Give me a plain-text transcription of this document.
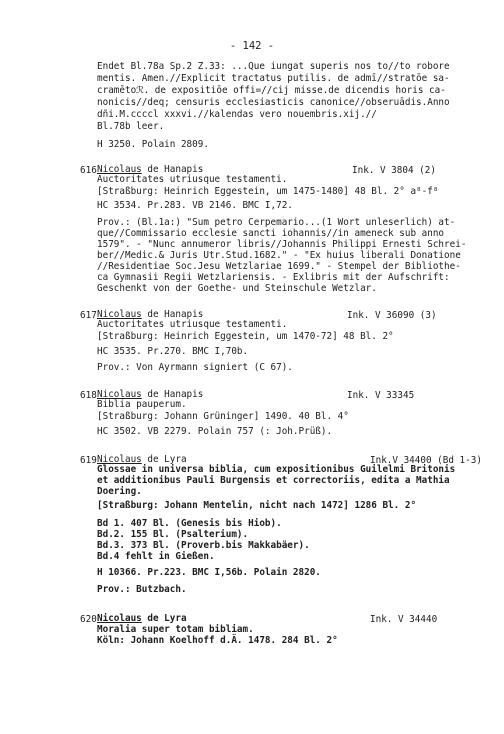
- 142 -
Endet Bl.78a Sp.2 Z.33: ...Que iungat superis nos to//to robore
mentis. Amen.//Explicit tractatus putilis. de admī//stratōe sa-
cramētoℛ. de expositiōe offi=//cij misse.de dicendis horis ca-
nonicis//deq; censuris ecclesiasticis canonice//obseruādis.Anno
dñi.M.ccccl xxxvi.//kalendas vero nouembris.xij.//
Bl.78b leer.
H 3250. Polain 2809.
616 Nicolaus de Hanapis	Ink. V 3804 (2)
Auctoritates utriusque testamenti.
[Straßburg: Heinrich Eggestein, um 1475-1480] 48 Bl. 2° a⁸-f⁸
HC 3534. Pr.283. VB 2146. BMC I,72.
Prov.: (Bl.1a:) "Sum petro Cerpemario...(1 Wort unleserlich) at-
que//Commissario ecclesie sancti iohannis//in ameneck sub anno
1579". - "Nunc annumeror libris//Johannis Philippi Ernesti Schrei-
ber//Medic.& Juris Utr.Stud.1682." - "Ex huius liberali Donatione
//Residentiae Soc.Jesu Wetzlariae 1699." - Stempel der Bibliothe-
ca Gymnasii Regii Wetzlariensis. - Exlibris mit der Aufschrift:
Geschenkt von der Goethe- und Steinschule Wetzlar.
617 Nicolaus de Hanapis	Ink. V 36090 (3)
Auctoritates utriusque testamenti.
[Straßburg: Heinrich Eggestein, um 1470-72] 48 Bl. 2°
HC 3535. Pr.270. BMC I,70b.
Prov.: Von Ayrmann signiert (C 67).
618 Nicolaus de Hanapis	Ink. V 33345
Biblia pauperum.
[Straßburg: Johann Grüninger] 1490. 40 Bl. 4°
HC 3502. VB 2279. Polain 757 (: Joh.Prüß).
619 Nicolaus de Lyra	Ink.V 34400 (Bd 1-3)
Glossae in universa biblia, cum expositionibus Guilelmi Britonis
et additionibus Pauli Burgensis et correctoriis, edita a Mathia
Doering.
[Straßburg: Johann Mentelin, nicht nach 1472] 1286 Bl. 2°
Bd 1. 407 Bl. (Genesis bis Hiob).
Bd.2. 155 Bl. (Psalterium).
Bd.3. 373 Bl. (Proverb.bis Makkabäer).
Bd.4 fehlt in Gießen.
H 10366. Pr.223. BMC I,56b. Polain 2820.
Prov.: Butzbach.
620 Nicolaus de Lyra	Ink. V 34440
Moralia super totam bibliam.
Köln: Johann Koelhoff d.Ä. 1478. 284 Bl. 2°
